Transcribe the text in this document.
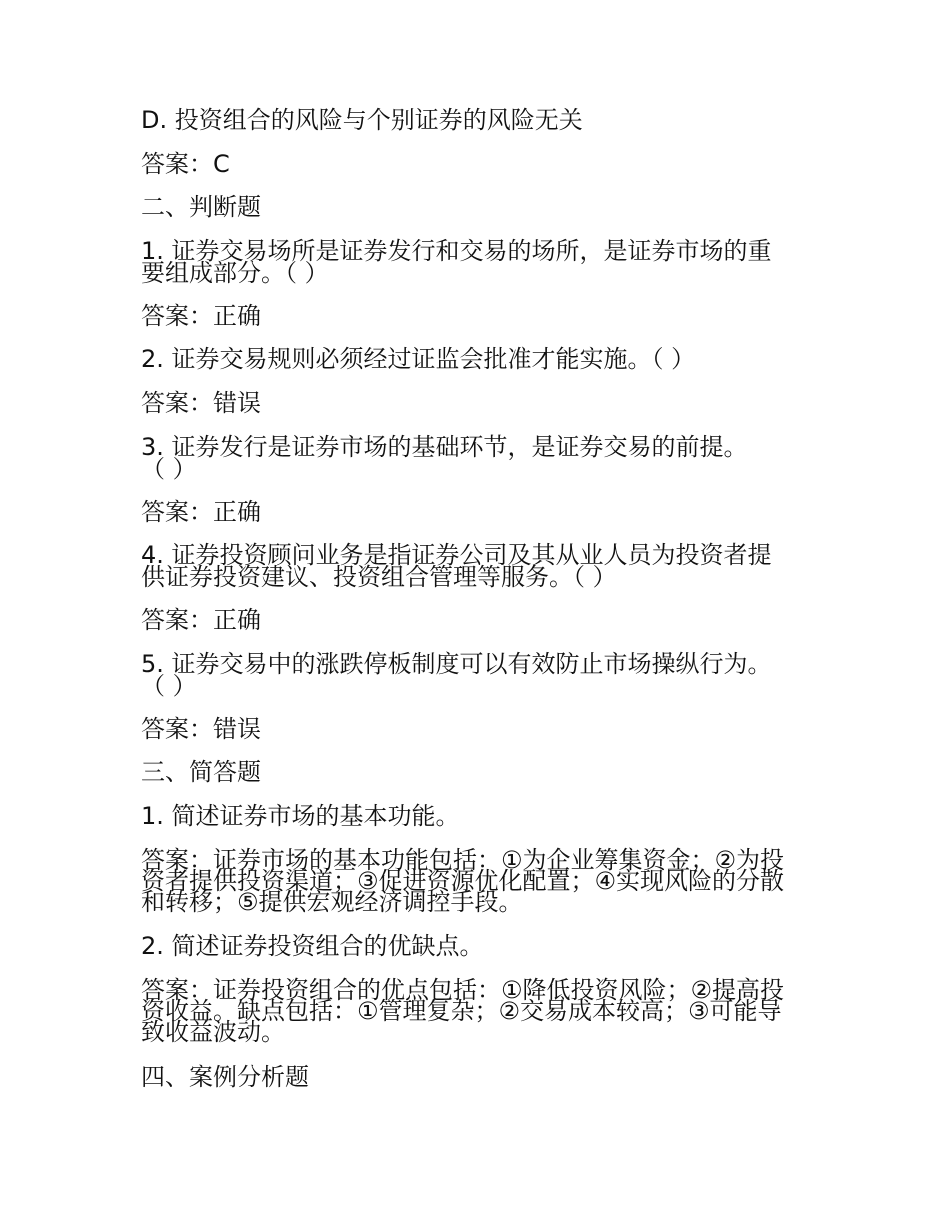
D. 投资组合的风险与个别证券的风险无关

答案：C

二、判断题

1. 证券交易场所是证券发行和交易的场所，是证券市场的重
要组成部分。（ ）

答案：正确

2. 证券交易规则必须经过证监会批准才能实施。（ ）

答案：错误

3. 证券发行是证券市场的基础环节，是证券交易的前提。
（ ）

答案：正确

4. 证券投资顾问业务是指证券公司及其从业人员为投资者提
供证券投资建议、投资组合管理等服务。（ ）

答案：正确

5. 证券交易中的涨跌停板制度可以有效防止市场操纵行为。
（ ）

答案：错误

三、简答题

1. 简述证券市场的基本功能。

答案：证券市场的基本功能包括：①为企业筹集资金；②为投
资者提供投资渠道；③促进资源优化配置；④实现风险的分散
和转移；⑤提供宏观经济调控手段。

2. 简述证券投资组合的优缺点。

答案：证券投资组合的优点包括：①降低投资风险；②提高投
资收益。缺点包括：①管理复杂；②交易成本较高；③可能导
致收益波动。

四、案例分析题
